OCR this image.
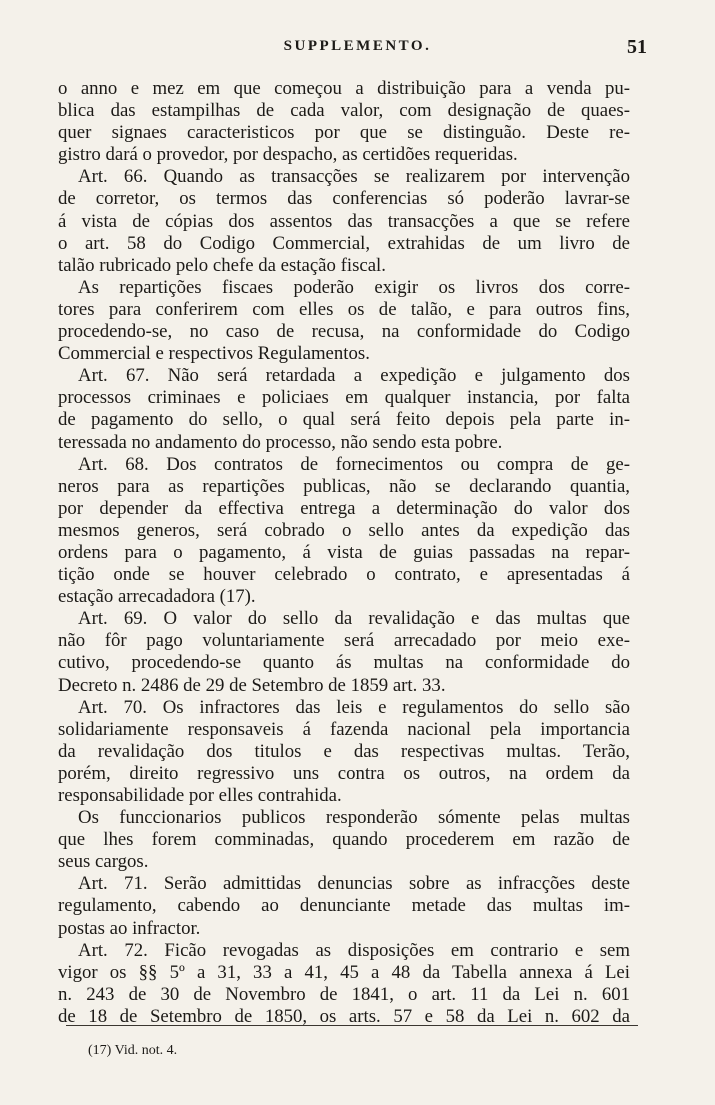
SUPPLEMENTO.	51
o anno e mez em que começou a distribuição para a venda pu-
blica das estampilhas de cada valor, com designação de quaes-
quer signaes caracteristicos por que se distinguão. Deste re-
gistro dará o provedor, por despacho, as certidões requeridas.
Art. 66. Quando as transacções se realizarem por intervenção
de corretor, os termos das conferencias só poderão lavrar-se
á vista de cópias dos assentos das transacções a que se refere
o art. 58 do Codigo Commercial, extrahidas de um livro de
talão rubricado pelo chefe da estação fiscal.
As repartições fiscaes poderão exigir os livros dos corre-
tores para conferirem com elles os de talão, e para outros fins,
procedendo-se, no caso de recusa, na conformidade do Codigo
Commercial e respectivos Regulamentos.
Art. 67. Não será retardada a expedição e julgamento dos
processos criminaes e policiaes em qualquer instancia, por falta
de pagamento do sello, o qual será feito depois pela parte in-
teressada no andamento do processo, não sendo esta pobre.
Art. 68. Dos contratos de fornecimentos ou compra de ge-
neros para as repartições publicas, não se declarando quantia,
por depender da effectiva entrega a determinação do valor dos
mesmos generos, será cobrado o sello antes da expedição das
ordens para o pagamento, á vista de guias passadas na repar-
tição onde se houver celebrado o contrato, e apresentadas á
estação arrecadadora (17).
Art. 69. O valor do sello da revalidação e das multas que
não fôr pago voluntariamente será arrecadado por meio exe-
cutivo, procedendo-se quanto ás multas na conformidade do
Decreto n. 2486 de 29 de Setembro de 1859 art. 33.
Art. 70. Os infractores das leis e regulamentos do sello são
solidariamente responsaveis á fazenda nacional pela importancia
da revalidação dos titulos e das respectivas multas. Terão,
porém, direito regressivo uns contra os outros, na ordem da
responsabilidade por elles contrahida.
Os funccionarios publicos responderão sómente pelas multas
que lhes forem comminadas, quando procederem em razão de
seus cargos.
Art. 71. Serão admittidas denuncias sobre as infracções deste
regulamento, cabendo ao denunciante metade das multas im-
postas ao infractor.
Art. 72. Ficão revogadas as disposições em contrario e sem
vigor os §§ 5º a 31, 33 a 41, 45 a 48 da Tabella annexa á Lei
n. 243 de 30 de Novembro de 1841, o art. 11 da Lei n. 601
de 18 de Setembro de 1850, os arts. 57 e 58 da Lei n. 602 da
(17) Vid. not. 4.
